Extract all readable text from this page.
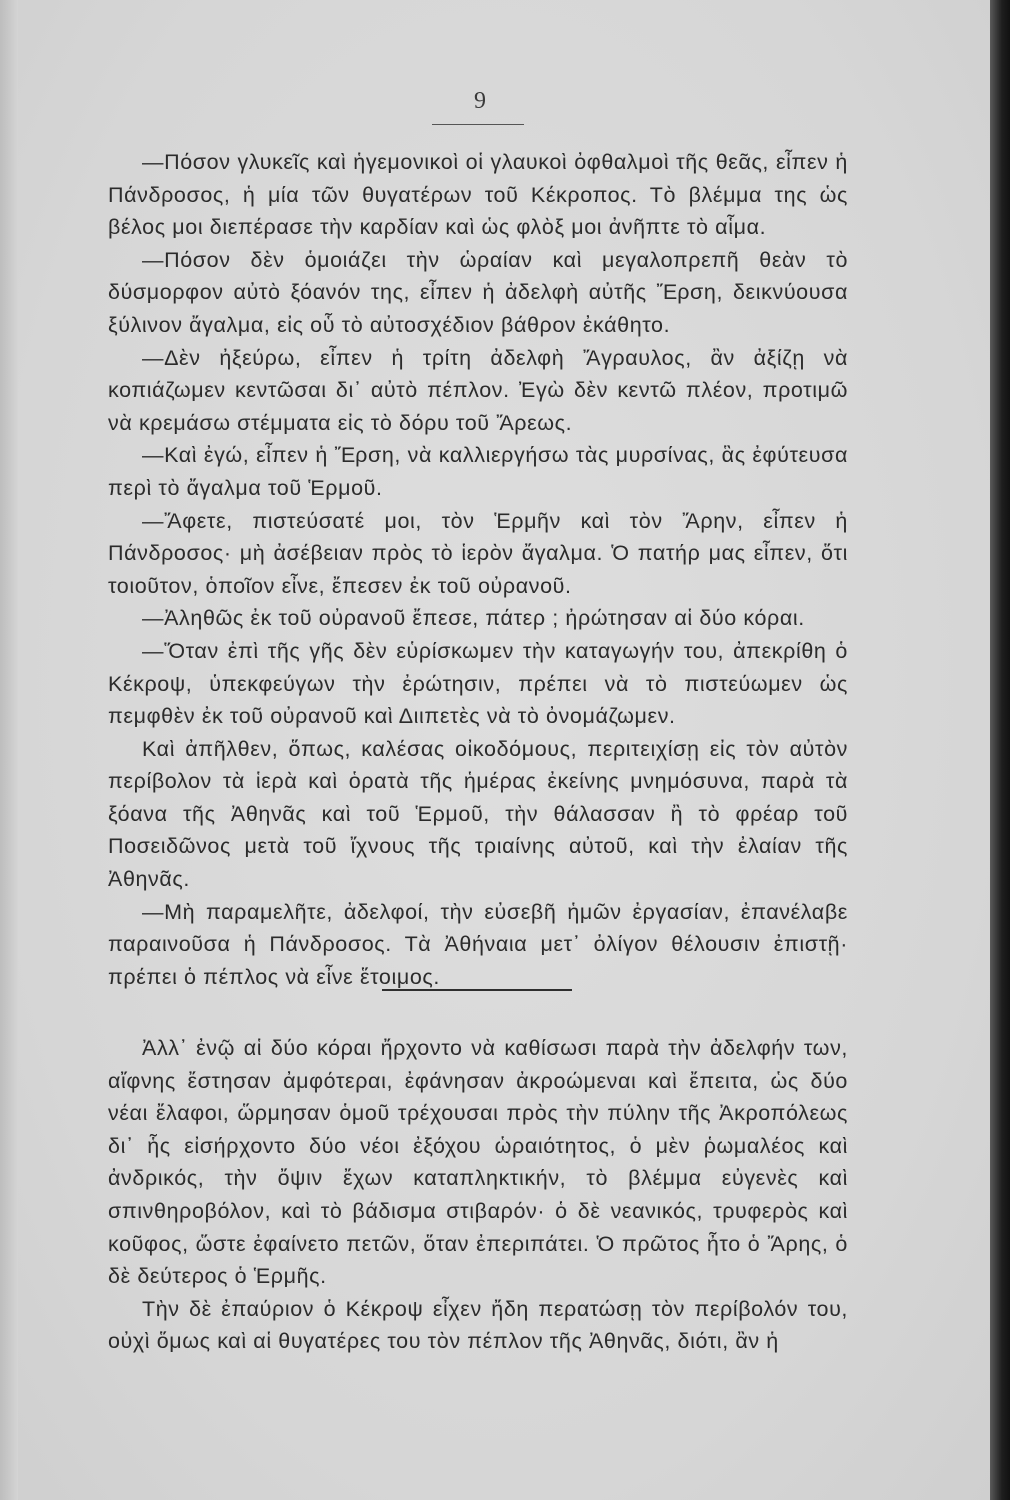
9

—Πόσον γλυκεῖς καὶ ἡγεμονικοὶ οἱ γλαυκοὶ ὀφθαλμοὶ τῆς θεᾶς, εἶπεν ἡ Πάνδροσος, ἡ μία τῶν θυγατέρων τοῦ Κέκροπος. Τὸ βλέμμα της ὡς βέλος μοι διεπέρασε τὴν καρδίαν καὶ ὡς φλὸξ μοι ἀνῆπτε τὸ αἷμα.

—Πόσον δὲν ὁμοιάζει τὴν ὡραίαν καὶ μεγαλοπρεπῆ θεὰν τὸ δύσμορφον αὐτὸ ξόανόν της, εἶπεν ἡ ἀδελφὴ αὐτῆς Ἔρση, δεικνύουσα ξύλινον ἄγαλμα, εἰς οὗ τὸ αὐτοσχέδιον βάθρον ἐκάθητο.

—Δὲν ἠξεύρω, εἶπεν ἡ τρίτη ἀδελφὴ Ἄγραυλος, ἂν ἀξίζῃ νὰ κοπιάζωμεν κεντῶσαι δι᾽ αὐτὸ πέπλον. Ἐγὼ δὲν κεντῶ πλέον, προτιμῶ νὰ κρεμάσω στέμματα εἰς τὸ δόρυ τοῦ Ἄρεως.

—Καὶ ἐγώ, εἶπεν ἡ Ἔρση, νὰ καλλιεργήσω τὰς μυρσίνας, ἃς ἐφύτευσα περὶ τὸ ἄγαλμα τοῦ Ἑρμοῦ.

—Ἄφετε, πιστεύσατέ μοι, τὸν Ἑρμῆν καὶ τὸν Ἄρην, εἶπεν ἡ Πάνδροσος· μὴ ἀσέβειαν πρὸς τὸ ἱερὸν ἄγαλμα. Ὁ πατήρ μας εἶπεν, ὅτι τοιοῦτον, ὁποῖον εἶνε, ἔπεσεν ἐκ τοῦ οὐρανοῦ.

—Ἀληθῶς ἐκ τοῦ οὐρανοῦ ἔπεσε, πάτερ ; ἠρώτησαν αἱ δύο κόραι.

—Ὅταν ἐπὶ τῆς γῆς δὲν εὑρίσκωμεν τὴν καταγωγήν του, ἀπεκρίθη ὁ Κέκροψ, ὑπεκφεύγων τὴν ἐρώτησιν, πρέπει νὰ τὸ πιστεύωμεν ὡς πεμφθὲν ἐκ τοῦ οὐρανοῦ καὶ Διιπετὲς νὰ τὸ ὀνομάζωμεν.

Καὶ ἀπῆλθεν, ὅπως, καλέσας οἰκοδόμους, περιτειχίσῃ εἰς τὸν αὐτὸν περίβολον τὰ ἱερὰ καὶ ὁρατὰ τῆς ἡμέρας ἐκείνης μνημόσυνα, παρὰ τὰ ξόανα τῆς Ἀθηνᾶς καὶ τοῦ Ἑρμοῦ, τὴν θάλασσαν ἢ τὸ φρέαρ τοῦ Ποσειδῶνος μετὰ τοῦ ἴχνους τῆς τριαίνης αὐτοῦ, καὶ τὴν ἐλαίαν τῆς Ἀθηνᾶς.

—Μὴ παραμελῆτε, ἀδελφοί, τὴν εὐσεβῆ ἡμῶν ἐργασίαν, ἐπανέλαβε παραινοῦσα ἡ Πάνδροσος. Τὰ Ἀθήναια μετ᾽ ὀλίγον θέλουσιν ἐπιστῇ· πρέπει ὁ πέπλος νὰ εἶνε ἕτοιμος.

Ἀλλ᾽ ἐνῷ αἱ δύο κόραι ἤρχοντο νὰ καθίσωσι παρὰ τὴν ἀδελφήν των, αἴφνης ἔστησαν ἀμφότεραι, ἐφάνησαν ἀκροώμεναι καὶ ἔπειτα, ὡς δύο νέαι ἔλαφοι, ὥρμησαν ὁμοῦ τρέχουσαι πρὸς τὴν πύλην τῆς Ἀκροπόλεως δι᾽ ἧς εἰσήρχοντο δύο νέοι ἐξόχου ὡραιότητος, ὁ μὲν ῥωμαλέος καὶ ἀνδρικός, τὴν ὄψιν ἔχων καταπληκτικήν, τὸ βλέμμα εὐγενὲς καὶ σπινθηροβόλον, καὶ τὸ βάδισμα στιβαρόν· ὁ δὲ νεανικός, τρυφερὸς καὶ κοῦφος, ὥστε ἐφαίνετο πετῶν, ὅταν ἐπεριπάτει. Ὁ πρῶτος ἦτο ὁ Ἄρης, ὁ δὲ δεύτερος ὁ Ἑρμῆς.

Τὴν δὲ ἐπαύριον ὁ Κέκροψ εἶχεν ἤδη περατώσῃ τὸν περίβολόν του, οὐχὶ ὅμως καὶ αἱ θυγατέρες του τὸν πέπλον τῆς Ἀθηνᾶς, διότι, ἂν ἡ
